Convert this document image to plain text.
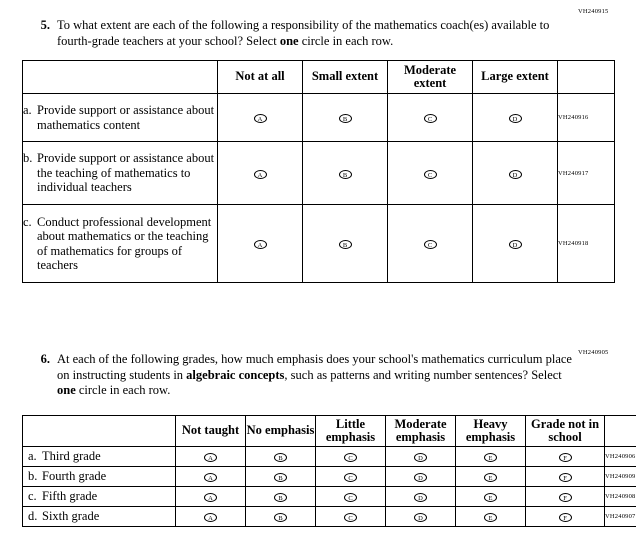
VH240915
5. To what extent are each of the following a responsibility of the mathematics coach(es) available to fourth-grade teachers at your school? Select one circle in each row.
	Not at all	Small extent	Moderate extent	Large extent	

a. Provide support or assistance about mathematics content	A	B	C	D	VH240916

b. Provide support or assistance about the teaching of mathematics to individual teachers	A	B	C	D	VH240917

c. Conduct professional development about mathematics or the teaching of mathematics for groups of teachers	A	B	C	D	VH240918
VH240905
6. At each of the following grades, how much emphasis does your school's mathematics curriculum place on instructing students in algebraic concepts, such as patterns and writing number sentences? Select one circle in each row.
	Not taught	No emphasis	Little emphasis	Moderate emphasis	Heavy emphasis	Grade not in school	

a. Third grade	A	B	C	D	E	F	VH240906

b. Fourth grade	A	B	C	D	E	F	VH240909

c. Fifth grade	A	B	C	D	E	F	VH240908

d. Sixth grade	A	B	C	D	E	F	VH240907
